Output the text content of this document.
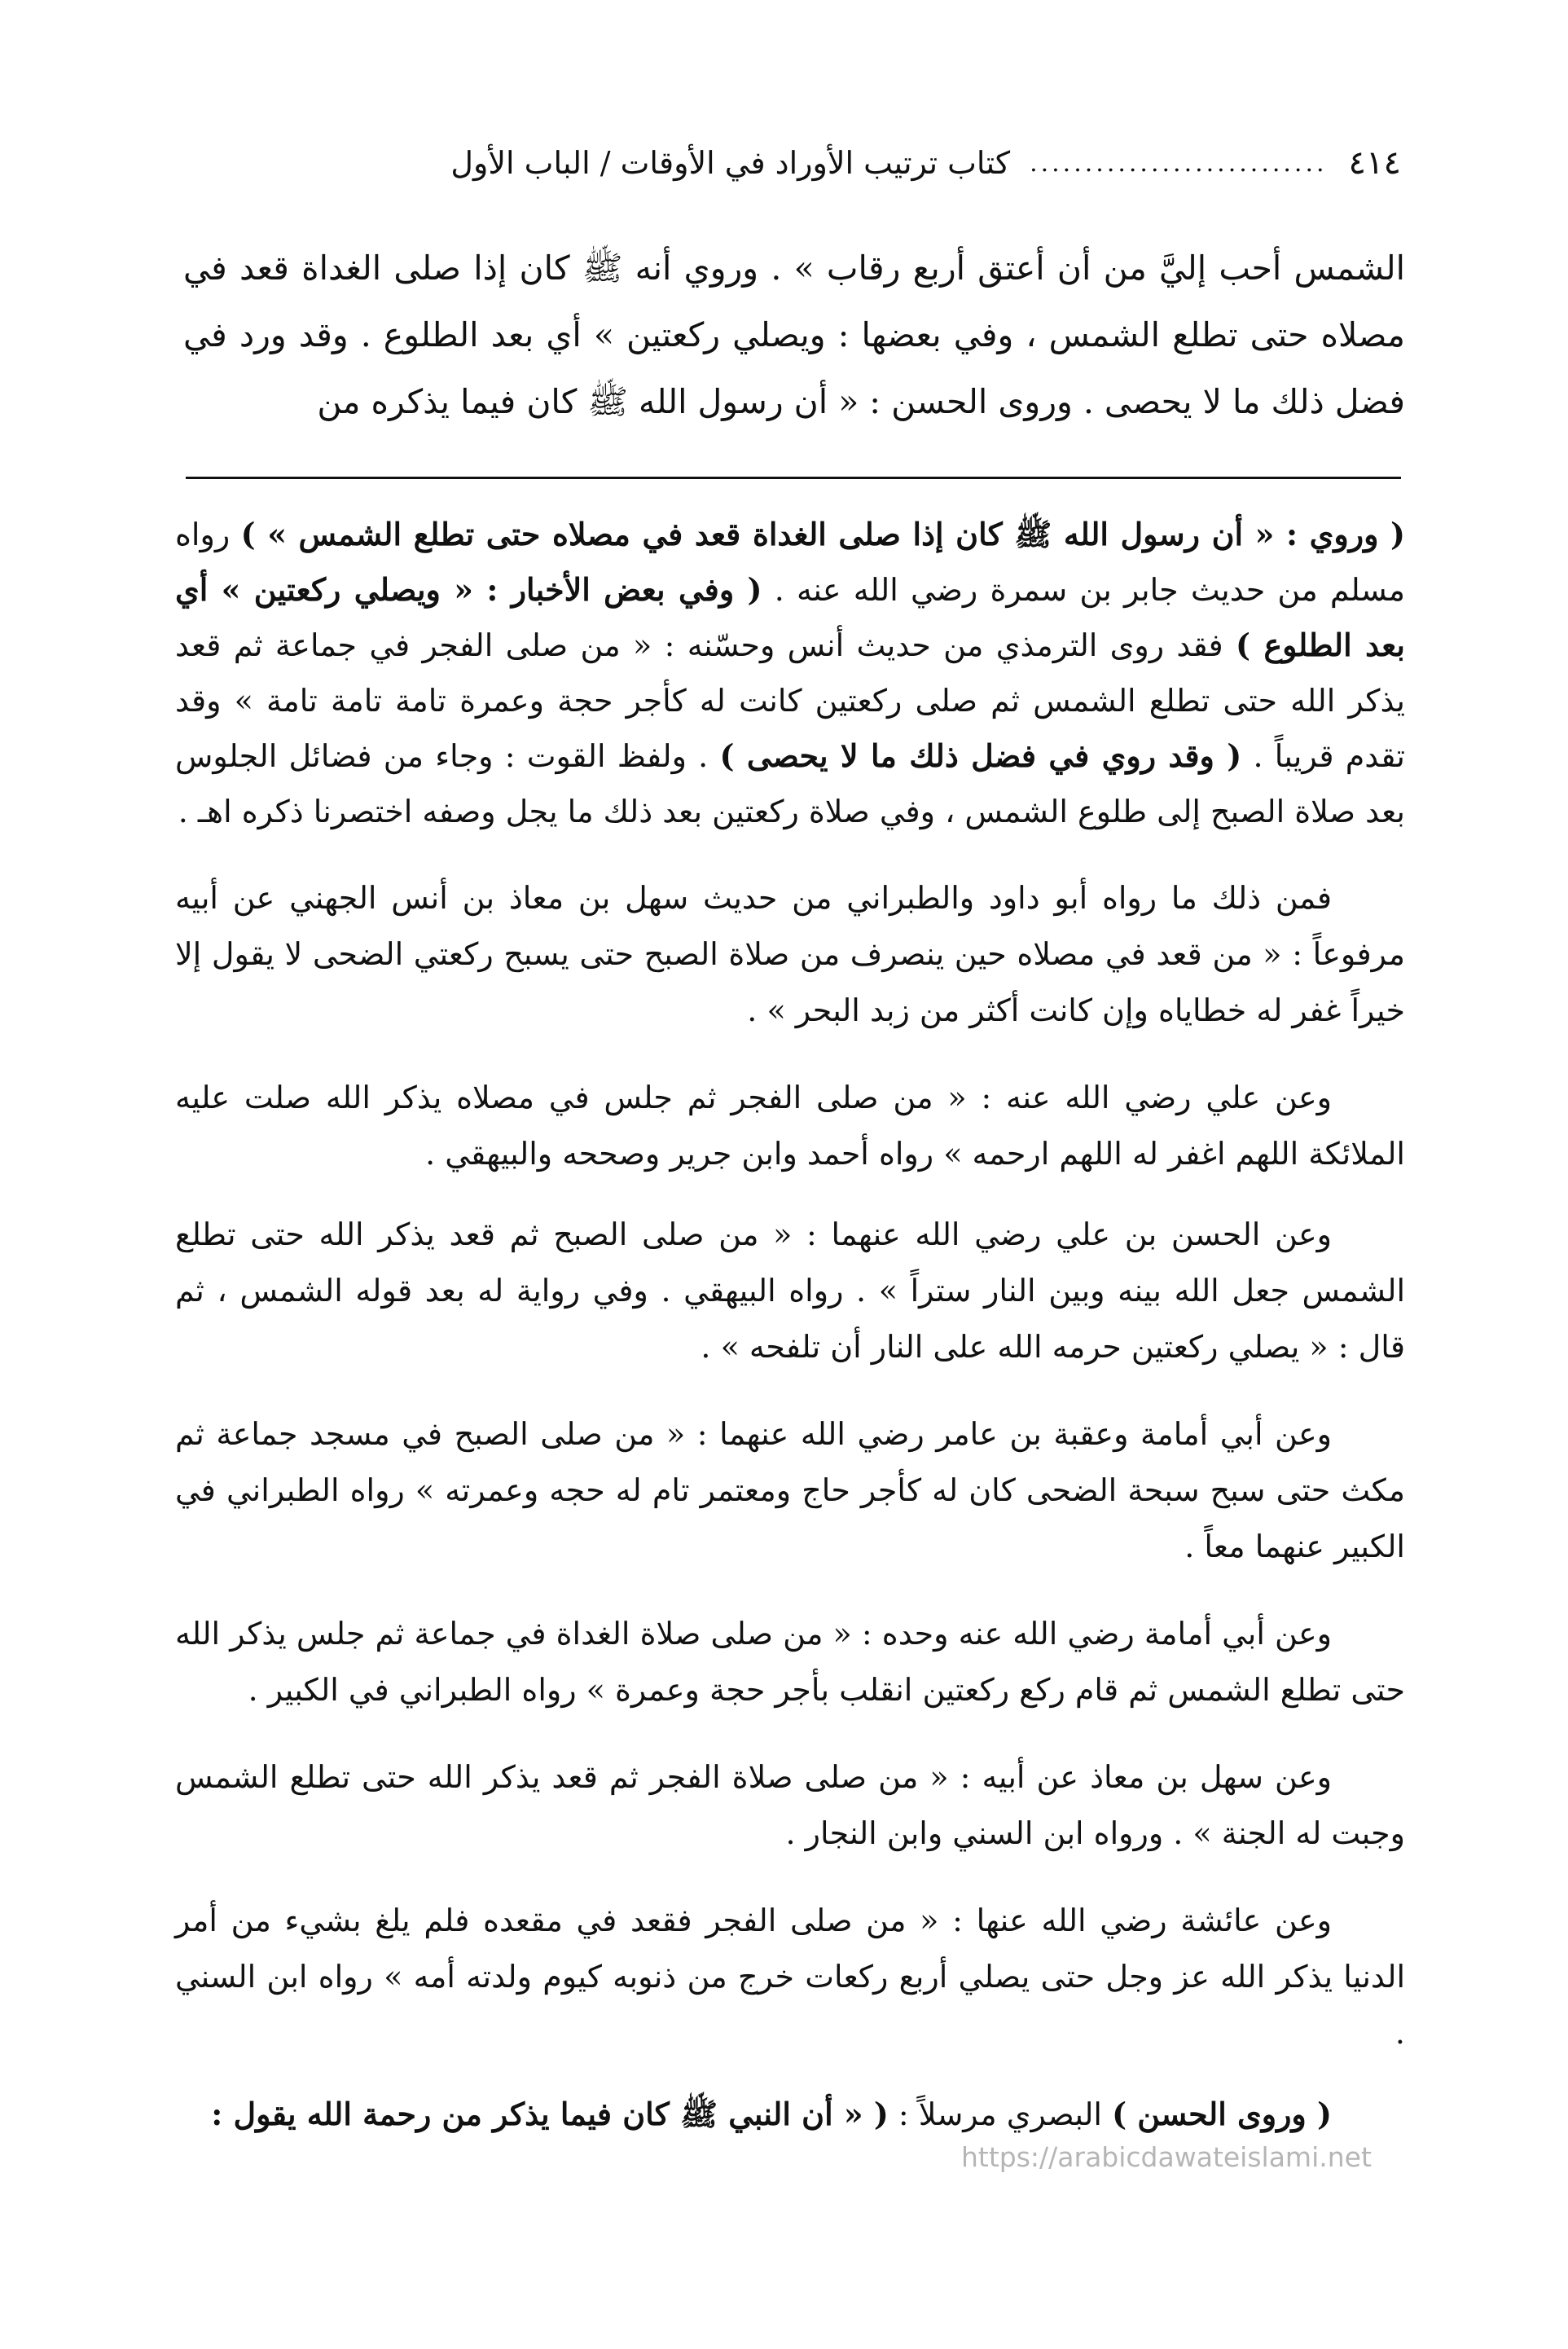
٤١٤
...........................
كتاب ترتيب الأوراد في الأوقات / الباب الأول
الشمس أحب إليَّ من أن أعتق أربع رقاب » . وروي أنه ﷺ كان إذا صلى الغداة قعد في مصلاه حتى تطلع الشمس ، وفي بعضها : ويصلي ركعتين » أي بعد الطلوع . وقد ورد في فضل ذلك ما لا يحصى . وروى الحسن : « أن رسول الله ﷺ كان فيما يذكره من

( وروي : « أن رسول الله ﷺ كان إذا صلى الغداة قعد في مصلاه حتى تطلع الشمس » ) رواه مسلم من حديث جابر بن سمرة رضي الله عنه . ( وفي بعض الأخبار : « ويصلي ركعتين » أي بعد الطلوع ) فقد روى الترمذي من حديث أنس وحسّنه : « من صلى الفجر في جماعة ثم قعد يذكر الله حتى تطلع الشمس ثم صلى ركعتين كانت له كأجر حجة وعمرة تامة تامة تامة » وقد تقدم قريباً . ( وقد روي في فضل ذلك ما لا يحصى ) . ولفظ القوت : وجاء من فضائل الجلوس بعد صلاة الصبح إلى طلوع الشمس ، وفي صلاة ركعتين بعد ذلك ما يجل وصفه اختصرنا ذكره اهـ .

فمن ذلك ما رواه أبو داود والطبراني من حديث سهل بن معاذ بن أنس الجهني عن أبيه مرفوعاً : « من قعد في مصلاه حين ينصرف من صلاة الصبح حتى يسبح ركعتي الضحى لا يقول إلا خيراً غفر له خطاياه وإن كانت أكثر من زبد البحر » .

وعن علي رضي الله عنه : « من صلى الفجر ثم جلس في مصلاه يذكر الله صلت عليه الملائكة اللهم اغفر له اللهم ارحمه » رواه أحمد وابن جرير وصححه والبيهقي .

وعن الحسن بن علي رضي الله عنهما : « من صلى الصبح ثم قعد يذكر الله حتى تطلع الشمس جعل الله بينه وبين النار ستراً » . رواه البيهقي . وفي رواية له بعد قوله الشمس ، ثم قال : « يصلي ركعتين حرمه الله على النار أن تلفحه » .

وعن أبي أمامة وعقبة بن عامر رضي الله عنهما : « من صلى الصبح في مسجد جماعة ثم مكث حتى سبح سبحة الضحى كان له كأجر حاج ومعتمر تام له حجه وعمرته » رواه الطبراني في الكبير عنهما معاً .

وعن أبي أمامة رضي الله عنه وحده : « من صلى صلاة الغداة في جماعة ثم جلس يذكر الله حتى تطلع الشمس ثم قام ركع ركعتين انقلب بأجر حجة وعمرة » رواه الطبراني في الكبير .

وعن سهل بن معاذ عن أبيه : « من صلى صلاة الفجر ثم قعد يذكر الله حتى تطلع الشمس وجبت له الجنة » . ورواه ابن السني وابن النجار .

وعن عائشة رضي الله عنها : « من صلى الفجر فقعد في مقعده فلم يلغ بشيء من أمر الدنيا يذكر الله عز وجل حتى يصلي أربع ركعات خرج من ذنوبه كيوم ولدته أمه » رواه ابن السني .

( وروى الحسن ) البصري مرسلاً : ( « أن النبي ﷺ كان فيما يذكر من رحمة الله يقول :

https://arabicdawateislami.net
